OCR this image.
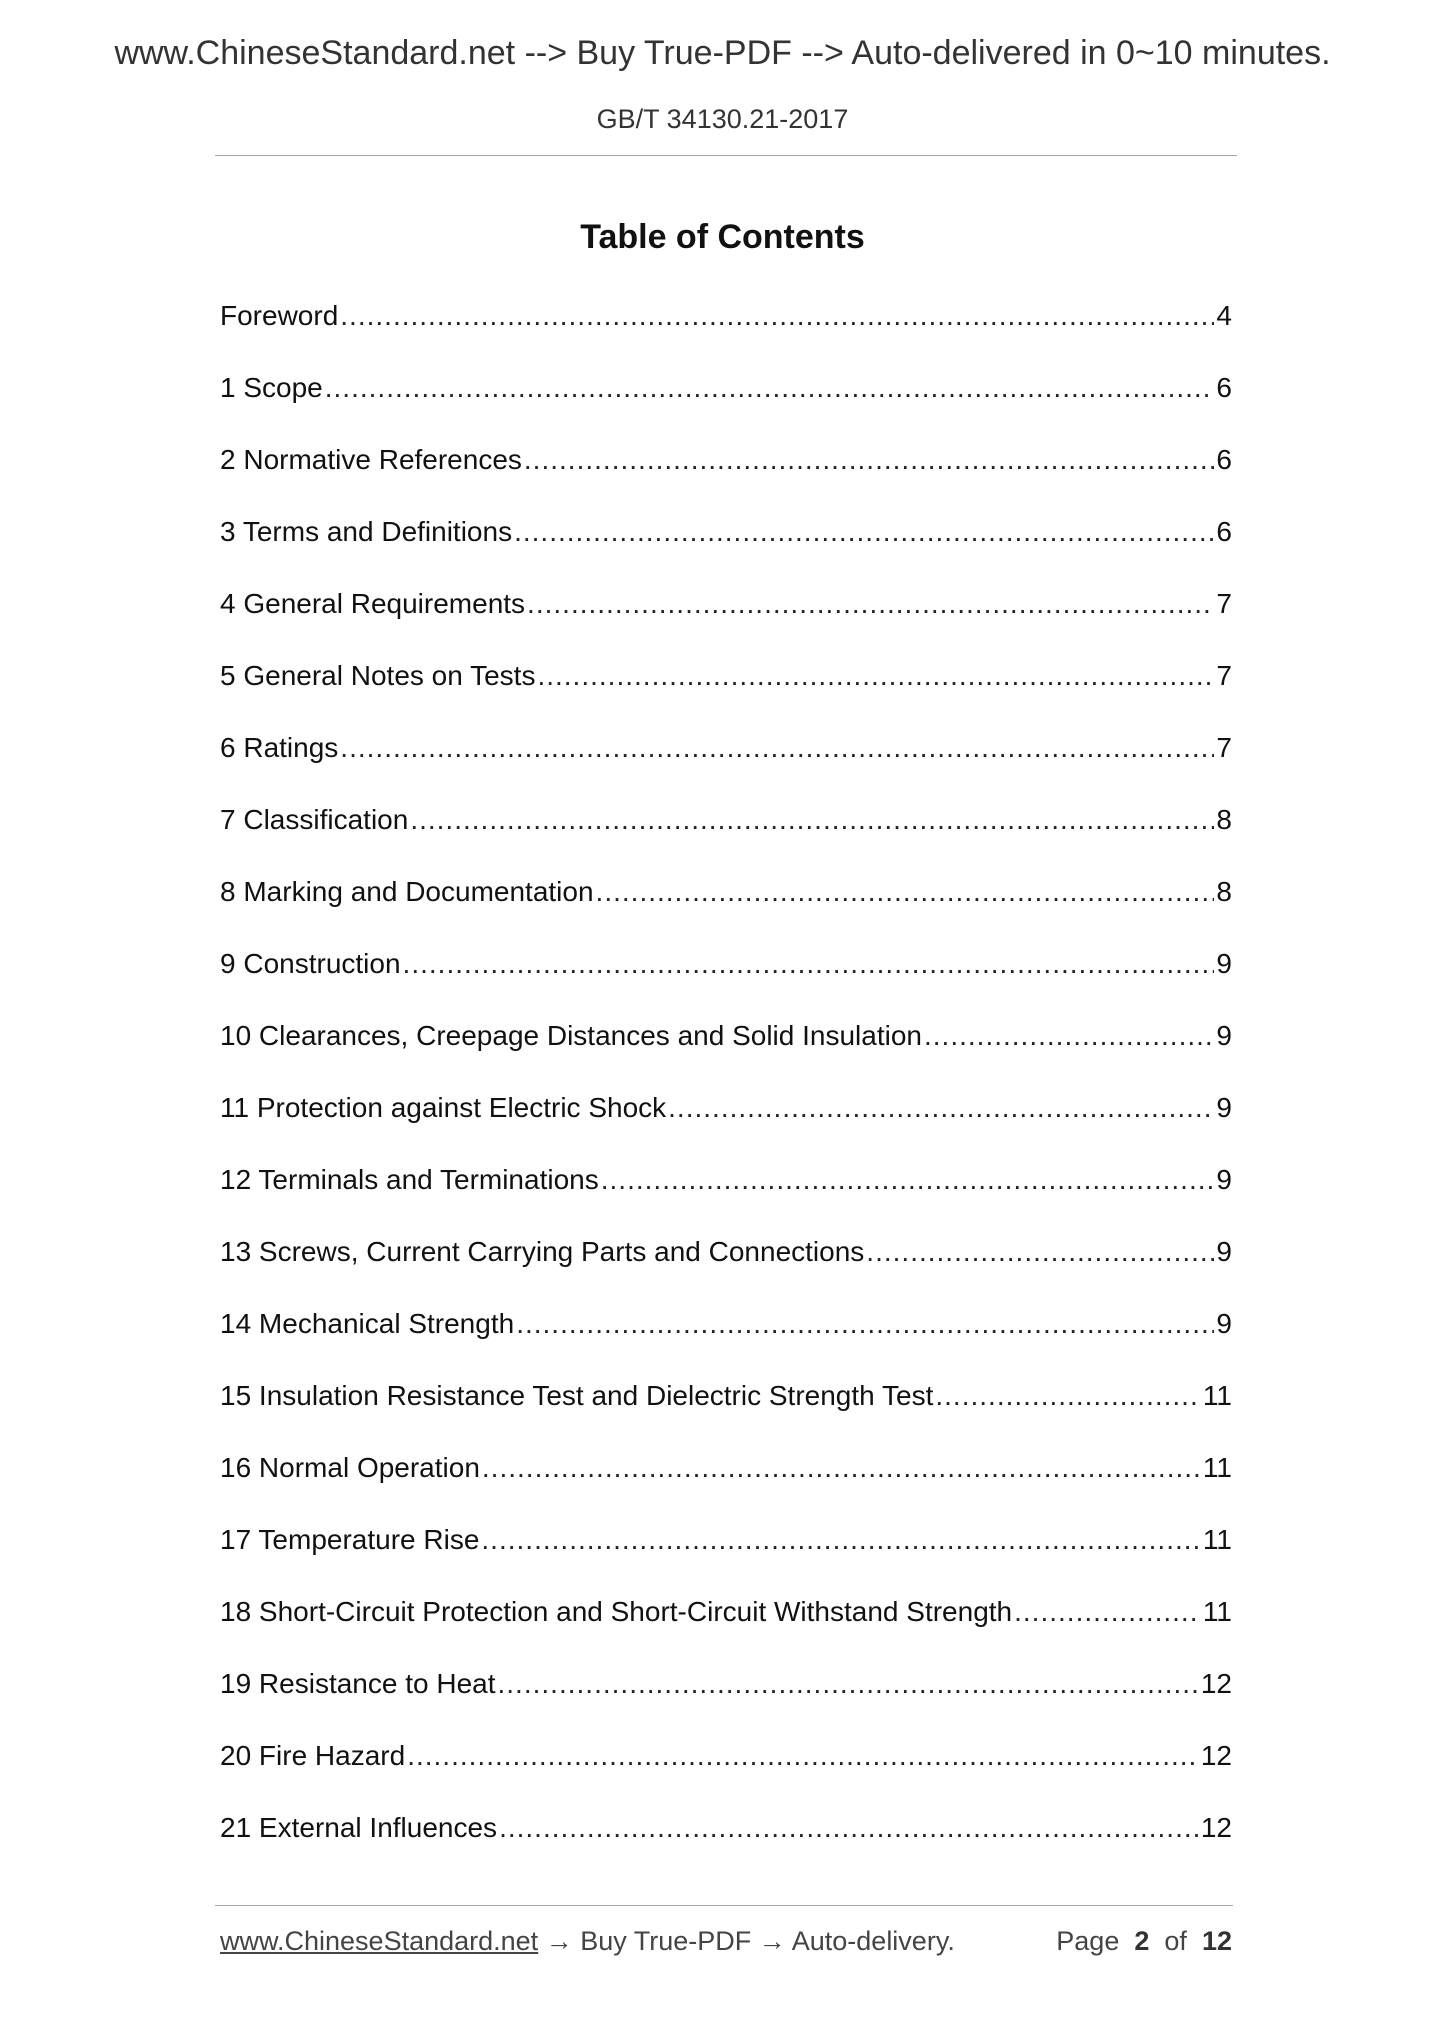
www.ChineseStandard.net --> Buy True-PDF --> Auto-delivered in 0~10 minutes.
GB/T 34130.21-2017
Table of Contents
Foreword .....	4
1 Scope .....	6
2 Normative References .....	6
3 Terms and Definitions .....	6
4 General Requirements .....	7
5 General Notes on Tests .....	7
6 Ratings .....	7
7 Classification .....	8
8 Marking and Documentation .....	8
9 Construction .....	9
10 Clearances, Creepage Distances and Solid Insulation .....	9
11 Protection against Electric Shock .....	9
12 Terminals and Terminations .....	9
13 Screws, Current Carrying Parts and Connections .....	9
14 Mechanical Strength .....	9
15 Insulation Resistance Test and Dielectric Strength Test .....	11
16 Normal Operation .....	11
17 Temperature Rise .....	11
18 Short-Circuit Protection and Short-Circuit Withstand Strength .....	11
19 Resistance to Heat .....	12
20 Fire Hazard .....	12
21 External Influences .....	12
www.ChineseStandard.net → Buy True-PDF → Auto-delivery.	Page 2 of 12
